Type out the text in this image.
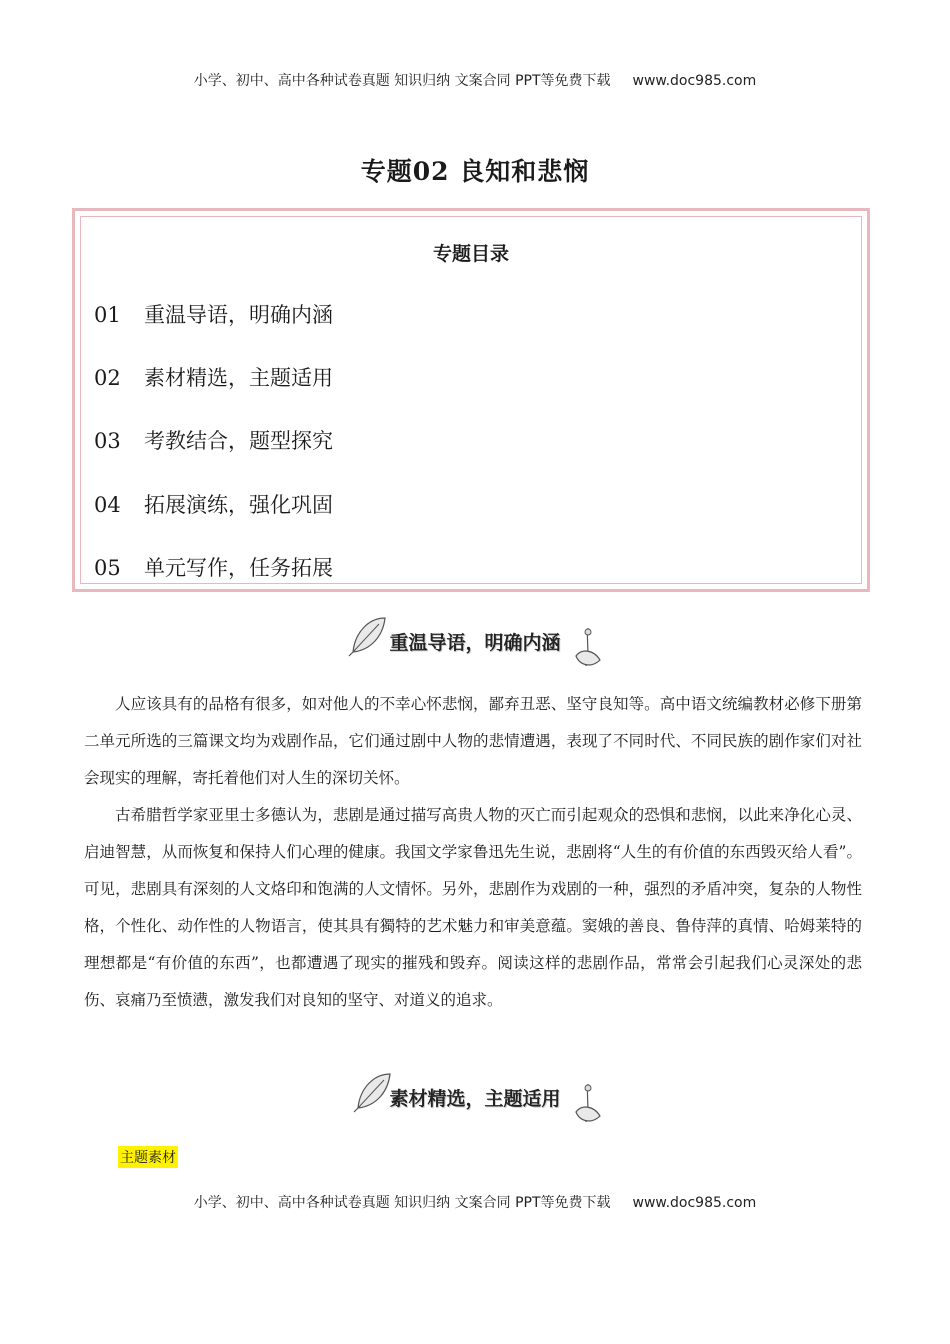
小学、初中、高中各种试卷真题 知识归纳 文案合同 PPT等免费下载 www.doc985.com
专题02 良知和悲悯
专题目录
01 重温导语，明确内涵
02 素材精选，主题适用
03 考教结合，题型探究
04 拓展演练，强化巩固
05 单元写作，任务拓展
重温导语，明确内涵

人应该具有的品格有很多，如对他人的不幸心怀悲悯，鄙弃丑恶、坚守良知等。高中语文统编教材必修下册第二单元所选的三篇课文均为戏剧作品，它们通过剧中人物的悲情遭遇，表现了不同时代、不同民族的剧作家们对社会现实的理解，寄托着他们对人生的深切关怀。

古希腊哲学家亚里士多德认为，悲剧是通过描写高贵人物的灭亡而引起观众的恐惧和悲悯，以此来净化心灵、启迪智慧，从而恢复和保持人们心理的健康。我国文学家鲁迅先生说，悲剧将“人生的有价值的东西毁灭给人看”。可见，悲剧具有深刻的人文烙印和饱满的人文情怀。另外，悲剧作为戏剧的一种，强烈的矛盾冲突，复杂的人物性格，个性化、动作性的人物语言，使其具有獨特的艺术魅力和审美意蕴。窦娥的善良、鲁侍萍的真情、哈姆莱特的理想都是“有价值的东西”，也都遭遇了现实的摧残和毁弃。阅读这样的悲剧作品，常常会引起我们心灵深处的悲伤、哀痛乃至愤懑，激发我们对良知的坚守、对道义的追求。

素材精选，主题适用
主题素材
小学、初中、高中各种试卷真题 知识归纳 文案合同 PPT等免费下载 www.doc985.com
